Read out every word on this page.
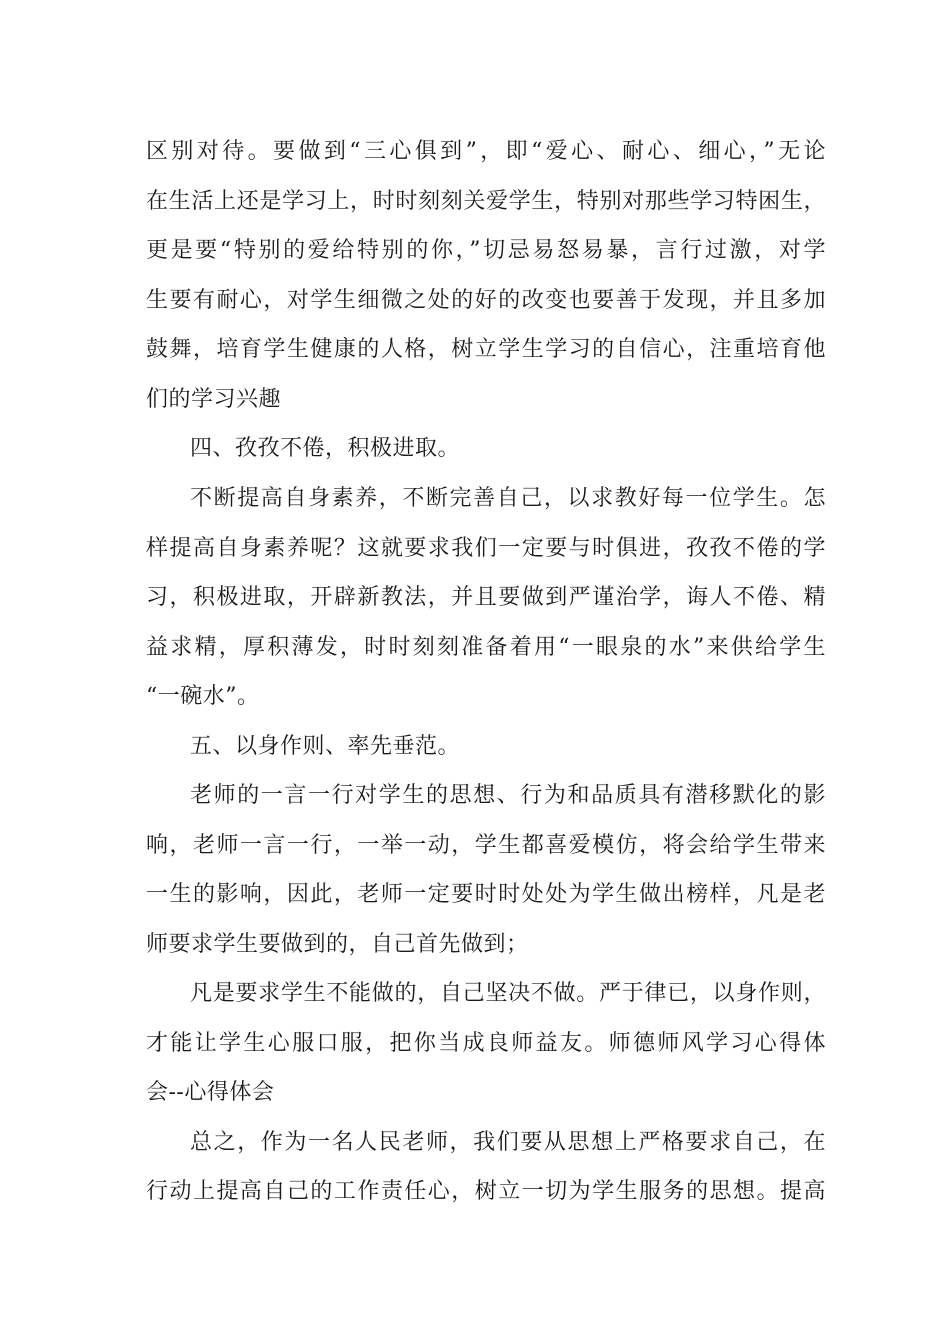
区别对待。要做到“三心俱到”，即“爱心、耐心、细心，”无论
在生活上还是学习上，时时刻刻关爱学生，特别对那些学习特困生，
更是要“特别的爱给特别的你，”切忌易怒易暴，言行过激，对学
生要有耐心，对学生细微之处的好的改变也要善于发现，并且多加
鼓舞，培育学生健康的人格，树立学生学习的自信心，注重培育他
们的学习兴趣
四、孜孜不倦，积极进取。
不断提高自身素养，不断完善自己，以求教好每一位学生。怎
样提高自身素养呢？这就要求我们一定要与时俱进，孜孜不倦的学
习，积极进取，开辟新教法，并且要做到严谨治学，诲人不倦、精
益求精，厚积薄发，时时刻刻准备着用“一眼泉的水”来供给学生
“一碗水”。
五、以身作则、率先垂范。
老师的一言一行对学生的思想、行为和品质具有潜移默化的影
响，老师一言一行，一举一动，学生都喜爱模仿，将会给学生带来
一生的影响，因此，老师一定要时时处处为学生做出榜样，凡是老
师要求学生要做到的，自己首先做到；
凡是要求学生不能做的，自己坚决不做。严于律已，以身作则，
才能让学生心服口服，把你当成良师益友。师德师风学习心得体
会--心得体会
总之，作为一名人民老师，我们要从思想上严格要求自己，在
行动上提高自己的工作责任心，树立一切为学生服务的思想。提高
